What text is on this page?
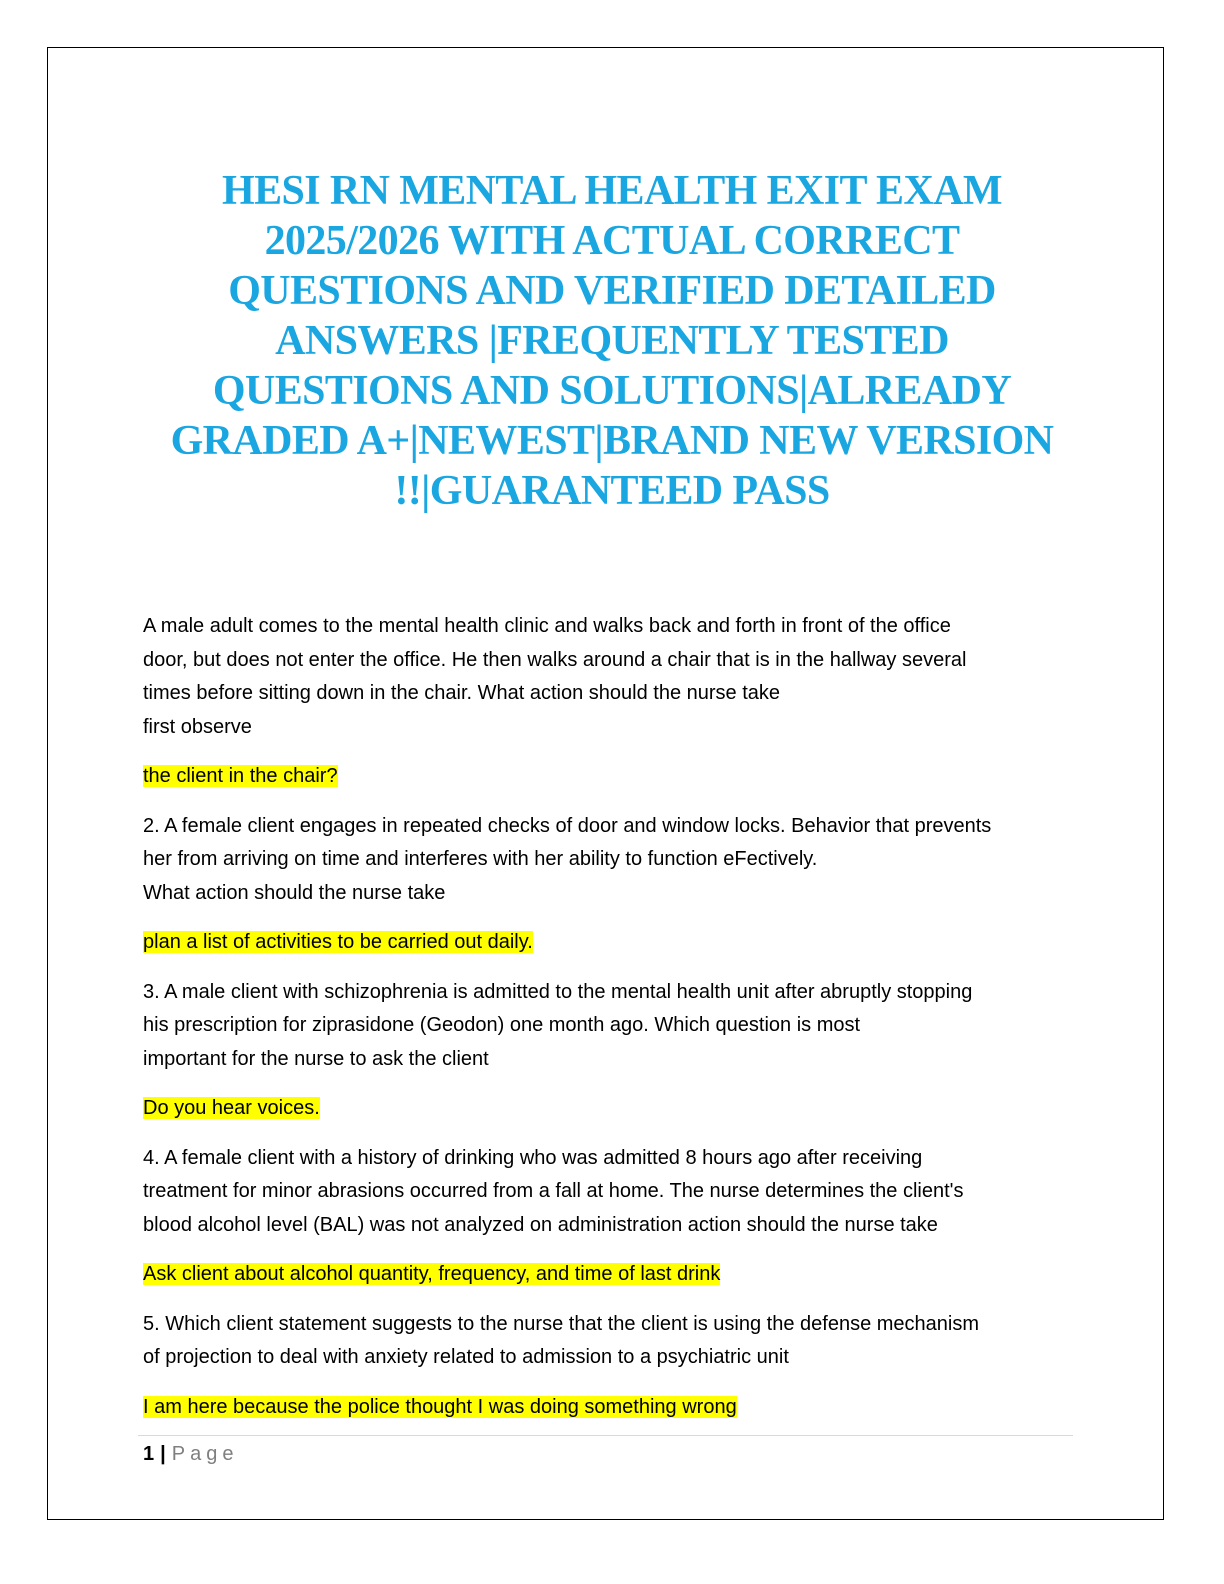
HESI RN MENTAL HEALTH EXIT EXAM
2025/2026 WITH ACTUAL CORRECT
QUESTIONS AND VERIFIED DETAILED
ANSWERS |FREQUENTLY TESTED
QUESTIONS AND SOLUTIONS|ALREADY
GRADED A+|NEWEST|BRAND NEW VERSION
!!|GUARANTEED PASS

A male adult comes to the mental health clinic and walks back and forth in front of the office
door, but does not enter the office. He then walks around a chair that is in the hallway several
times before sitting down in the chair. What action should the nurse take
first observe

the client in the chair?

2. A female client engages in repeated checks of door and window locks. Behavior that prevents
her from arriving on time and interferes with her ability to function eFectively.
What action should the nurse take

plan a list of activities to be carried out daily.

3. A male client with schizophrenia is admitted to the mental health unit after abruptly stopping
his prescription for ziprasidone (Geodon) one month ago. Which question is most
important for the nurse to ask the client

Do you hear voices.

4. A female client with a history of drinking who was admitted 8 hours ago after receiving
treatment for minor abrasions occurred from a fall at home. The nurse determines the client's
blood alcohol level (BAL) was not analyzed on administration action should the nurse take

Ask client about alcohol quantity, frequency, and time of last drink

5. Which client statement suggests to the nurse that the client is using the defense mechanism
of projection to deal with anxiety related to admission to a psychiatric unit

I am here because the police thought I was doing something wrong

1 | Page
